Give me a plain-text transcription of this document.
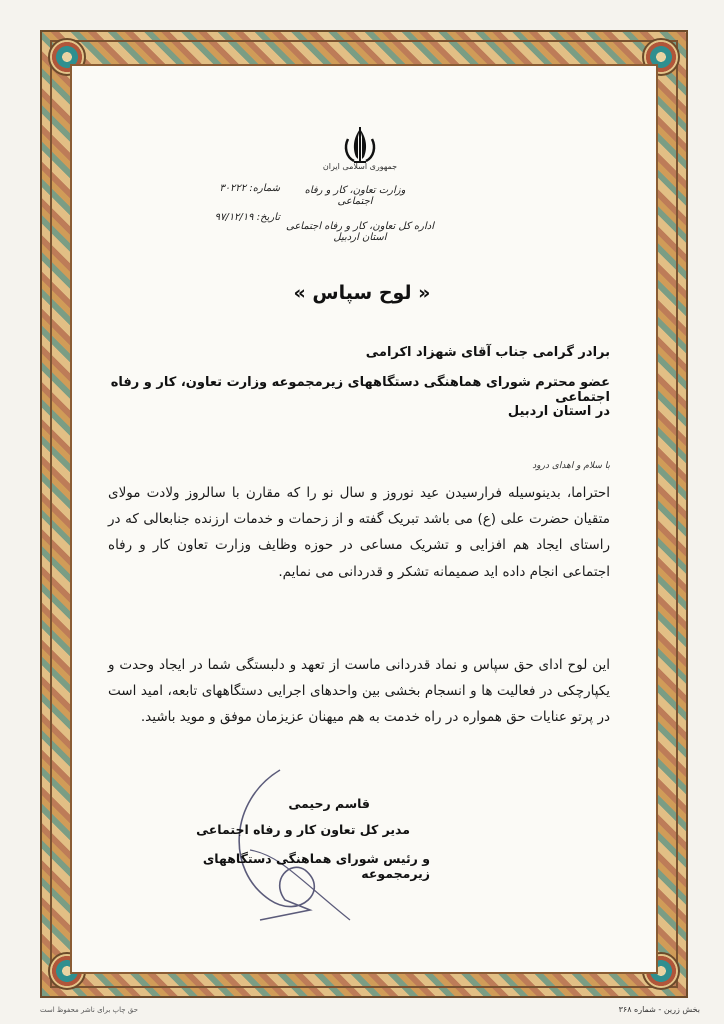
جمهوری اسلامی ایران
وزارت تعاون، کار و رفاه اجتماعی
اداره کل تعاون، کار و رفاه اجتماعی استان اردبیل
شماره: ۳۰۲۲۲
تاریخ: ۹۷/۱۲/۱۹
« لوح سپاس »
برادر گرامی جناب آقای شهزاد اکرامی
عضو محترم شورای هماهنگی دستگاههای زیرمجموعه وزارت تعاون، کار و رفاه اجتماعی
در استان اردبیل
با سلام و اهدای درود
احتراما، بدینوسیله فرارسیدن عید نوروز و سال نو را که مقارن با سالروز ولادت مولای متقیان حضرت علی (ع) می باشد تبریک گفته و از زحمات و خدمات ارزنده جنابعالی که در راستای ایجاد هم افزایی و تشریک مساعی در حوزه وظایف وزارت تعاون کار و رفاه اجتماعی انجام داده اید صمیمانه تشکر و قدردانی می نمایم.
این لوح ادای حق سپاس و نماد قدردانی ماست از تعهد و دلبستگی شما در ایجاد وحدت و یکپارچکی در فعالیت ها و انسجام بخشی بین واحدهای اجرایی دستگاههای تابعه، امید است در پرتو عنایات حق همواره در راه خدمت به هم میهنان عزیزمان موفق و موید باشید.
قاسم رحیمی
مدیر کل تعاون کار و رفاه اجتماعی
و رئیس شورای هماهنگی دستگاههای زیرمجموعه
حق چاپ برای ناشر محفوظ است	بخش زرین - شماره ۳۶۸
